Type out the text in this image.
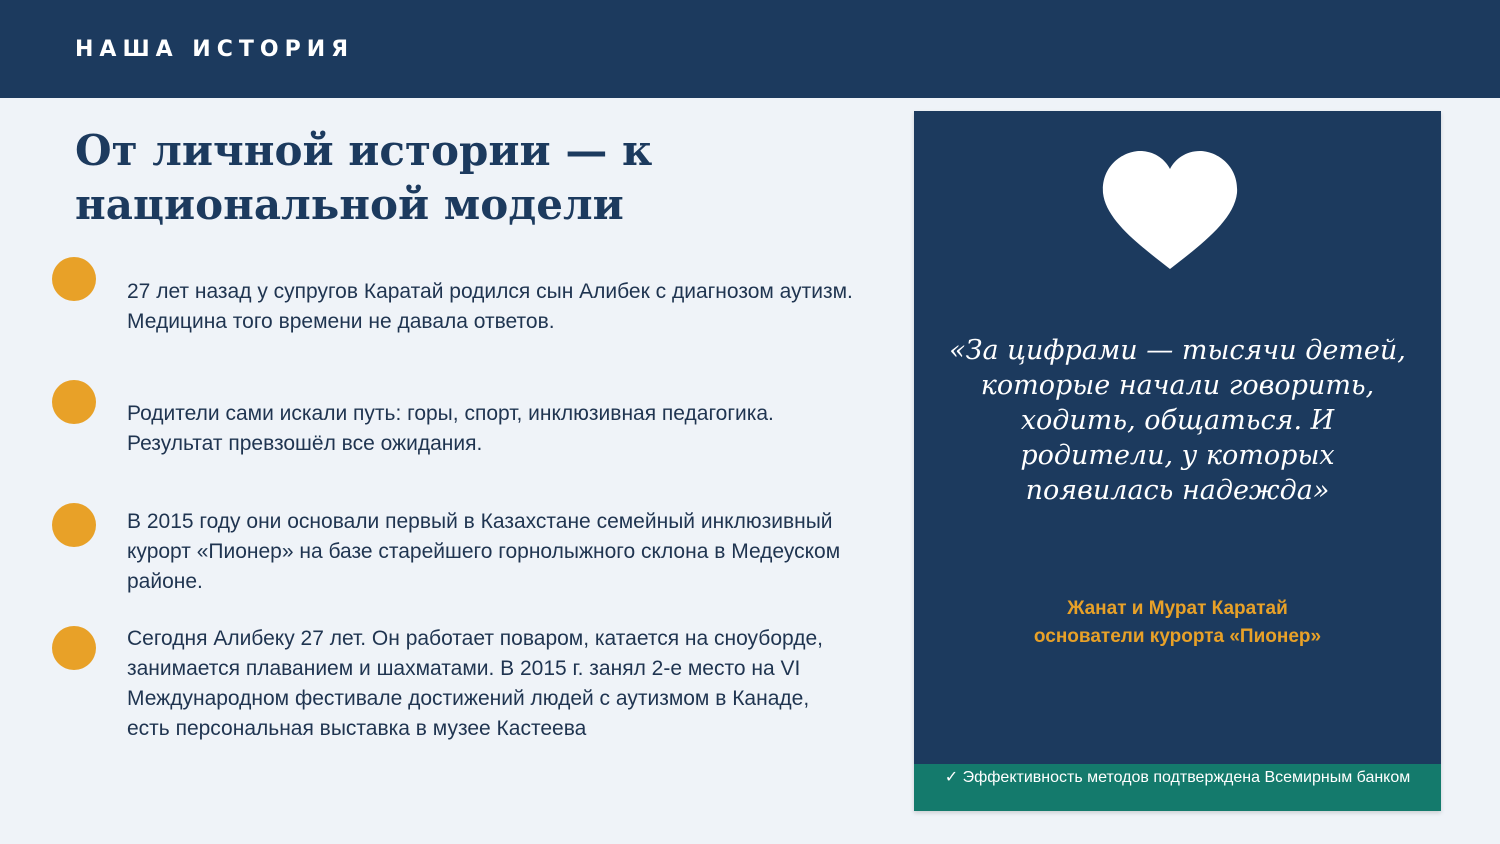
НАША ИСТОРИЯ
От личной истории — к национальной модели

27 лет назад у супругов Каратай родился сын Алибек с диагнозом аутизм. Медицина того времени не давала ответов.

Родители сами искали путь: горы, спорт, инклюзивная педагогика. Результат превзошёл все ожидания.

В 2015 году они основали первый в Казахстане семейный инклюзивный курорт «Пионер» на базе старейшего горнолыжного склона в Медеуском районе.

Сегодня Алибеку 27 лет. Он работает поваром, катается на сноуборде, занимается плаванием и шахматами. В 2015 г. занял 2-е место на VI Международном фестивале достижений людей с аутизмом в Канаде, есть персональная выставка в музее Кастеева

«За цифрами — тысячи детей, которые начали говорить, ходить, общаться. И родители, у которых появилась надежда»

Жанат и Мурат Каратай
основатели курорта «Пионер»

✓ Эффективность методов подтверждена Всемирным банком
